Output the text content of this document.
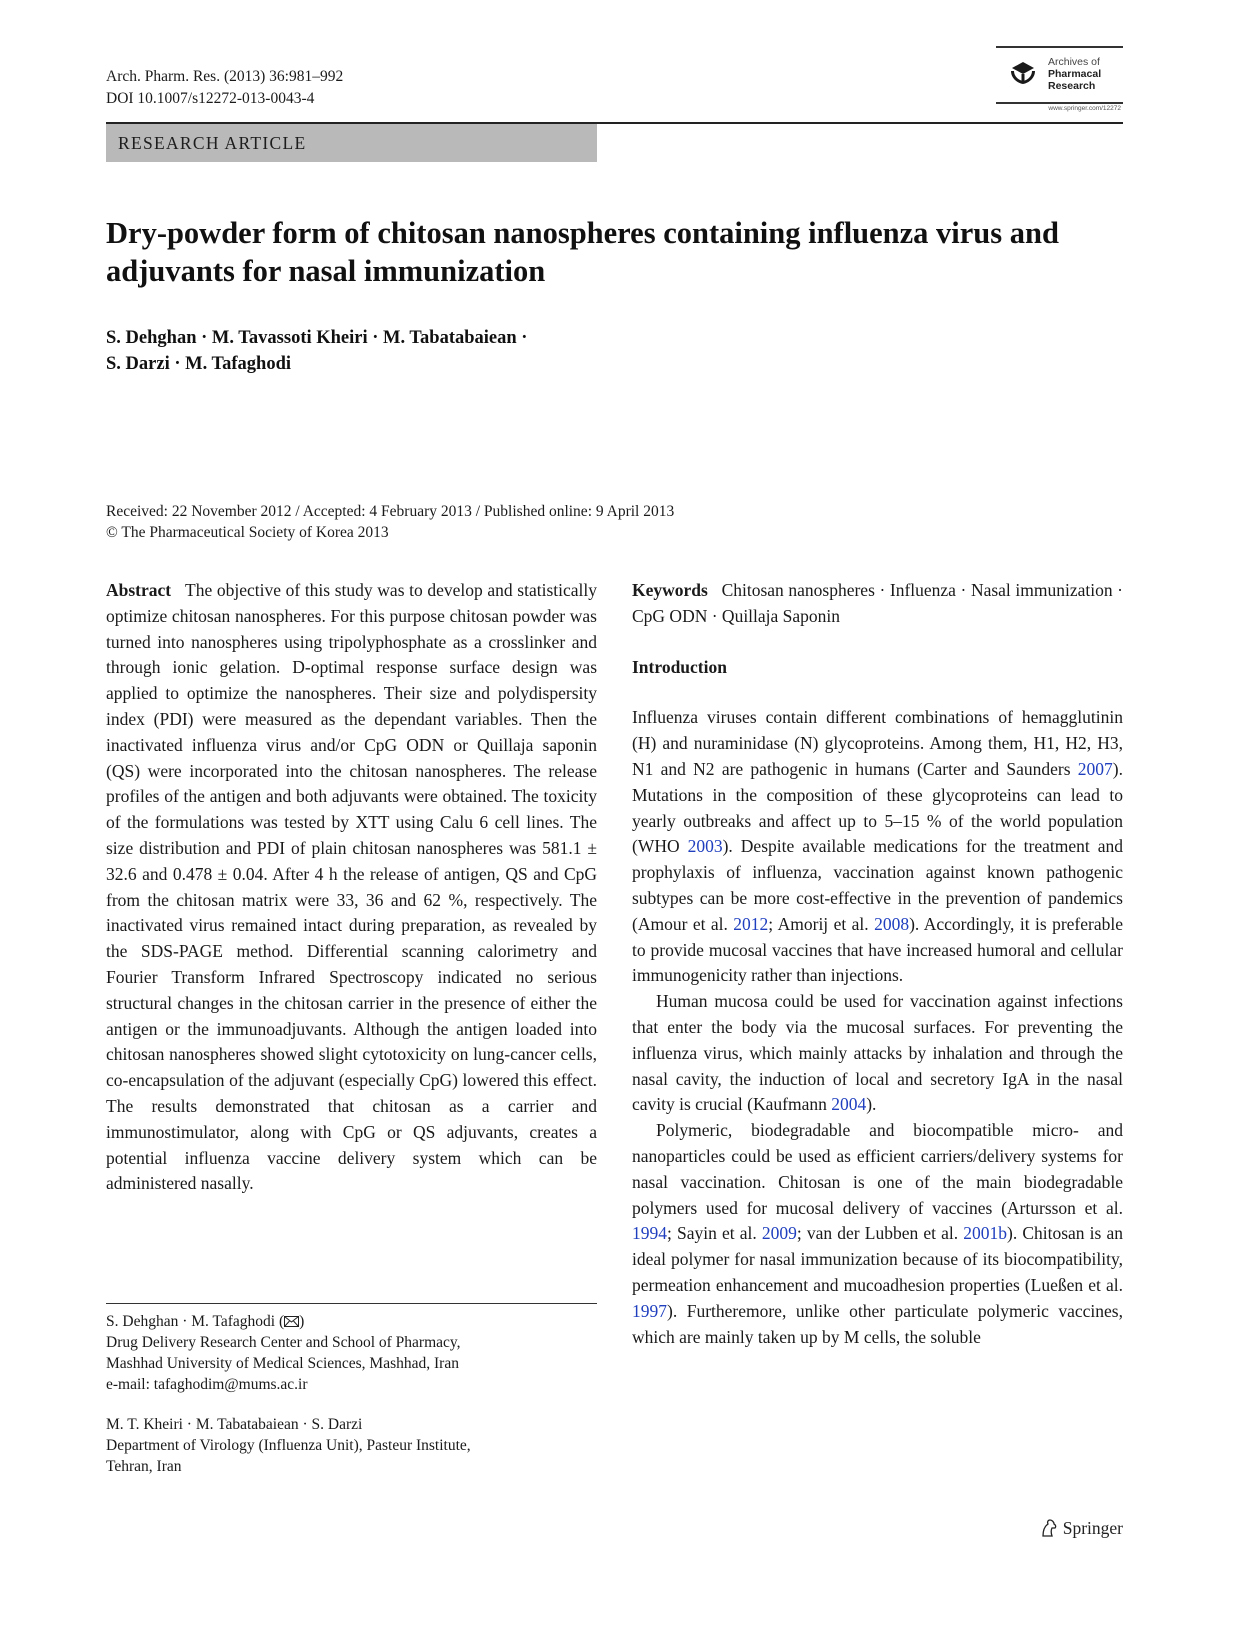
Arch. Pharm. Res. (2013) 36:981–992
DOI 10.1007/s12272-013-0043-4
Archives of
Pharmacal
Research
www.springer.com/12272
RESEARCH ARTICLE
Dry-powder form of chitosan nanospheres containing influenza virus and adjuvants for nasal immunization
S. Dehghan · M. Tavassoti Kheiri · M. Tabatabaiean ·
S. Darzi · M. Tafaghodi
Received: 22 November 2012 / Accepted: 4 February 2013 / Published online: 9 April 2013
© The Pharmaceutical Society of Korea 2013

Abstract The objective of this study was to develop and statistically optimize chitosan nanospheres. For this purpose chitosan powder was turned into nanospheres using tripolyphosphate as a crosslinker and through ionic gelation. D-optimal response surface design was applied to optimize the nanospheres. Their size and polydispersity index (PDI) were measured as the dependant variables. Then the inactivated influenza virus and/or CpG ODN or Quillaja saponin (QS) were incorporated into the chitosan nanospheres. The release profiles of the antigen and both adjuvants were obtained. The toxicity of the formulations was tested by XTT using Calu 6 cell lines. The size distribution and PDI of plain chitosan nanospheres was 581.1 ± 32.6 and 0.478 ± 0.04. After 4 h the release of antigen, QS and CpG from the chitosan matrix were 33, 36 and 62 %, respectively. The inactivated virus remained intact during preparation, as revealed by the SDS-PAGE method. Differential scanning calorimetry and Fourier Transform Infrared Spectroscopy indicated no serious structural changes in the chitosan carrier in the presence of either the antigen or the immunoadjuvants. Although the antigen loaded into chitosan nanospheres showed slight cytotoxicity on lung-cancer cells, co-encapsulation of the adjuvant (especially CpG) lowered this effect. The results demonstrated that chitosan as a carrier and immunostimulator, along with CpG or QS adjuvants, creates a potential influenza vaccine delivery system which can be administered nasally.

S. Dehghan · M. Tafaghodi ( )
Drug Delivery Research Center and School of Pharmacy,
Mashhad University of Medical Sciences, Mashhad, Iran
e-mail: tafaghodim@mums.ac.ir
M. T. Kheiri · M. Tabatabaiean · S. Darzi
Department of Virology (Influenza Unit), Pasteur Institute,
Tehran, Iran

Keywords Chitosan nanospheres · Influenza · Nasal immunization · CpG ODN · Quillaja Saponin

Introduction

Influenza viruses contain different combinations of hemagglutinin (H) and nuraminidase (N) glycoproteins. Among them, H1, H2, H3, N1 and N2 are pathogenic in humans (Carter and Saunders 2007). Mutations in the composition of these glycoproteins can lead to yearly outbreaks and affect up to 5–15 % of the world population (WHO 2003). Despite available medications for the treatment and prophylaxis of influenza, vaccination against known pathogenic subtypes can be more cost-effective in the prevention of pandemics (Amour et al. 2012; Amorij et al. 2008). Accordingly, it is preferable to provide mucosal vaccines that have increased humoral and cellular immunogenicity rather than injections.

Human mucosa could be used for vaccination against infections that enter the body via the mucosal surfaces. For preventing the influenza virus, which mainly attacks by inhalation and through the nasal cavity, the induction of local and secretory IgA in the nasal cavity is crucial (Kaufmann 2004).

Polymeric, biodegradable and biocompatible micro- and nanoparticles could be used as efficient carriers/delivery systems for nasal vaccination. Chitosan is one of the main biodegradable polymers used for mucosal delivery of vaccines (Artursson et al. 1994; Sayin et al. 2009; van der Lubben et al. 2001b). Chitosan is an ideal polymer for nasal immunization because of its biocompatibility, permeation enhancement and mucoadhesion properties (Lueßen et al. 1997). Furtheremore, unlike other particulate polymeric vaccines, which are mainly taken up by M cells, the soluble

Springer
